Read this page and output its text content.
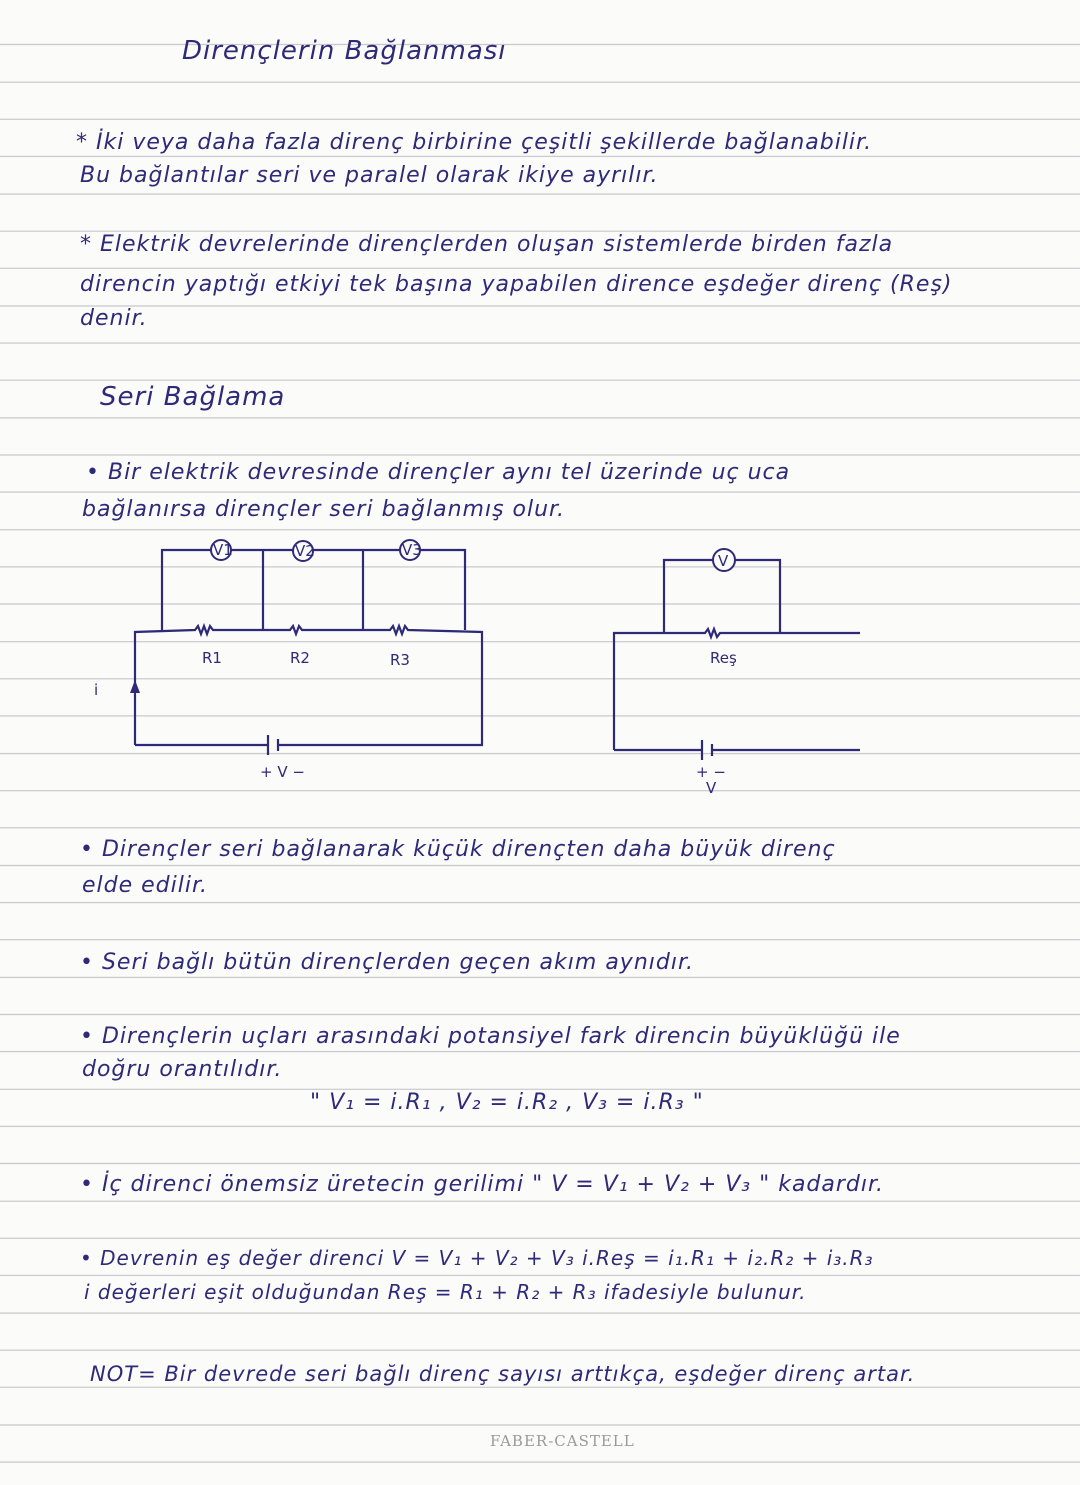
Dirençlerin Bağlanması
* İki veya daha fazla direnç birbirine çeşitli şekillerde bağlanabilir.
Bu bağlantılar seri ve paralel olarak ikiye ayrılır.
* Elektrik devrelerinde dirençlerden oluşan sistemlerde birden fazla
direncin yaptığı etkiyi tek başına yapabilen dirence eşdeğer direnç (Reş)
denir.
Seri Bağlama
• Bir elektrik devresinde dirençler aynı tel üzerinde uç uca
bağlanırsa dirençler seri bağlanmış olur.
V1	V2	V3
R1	R2	R3
i
+ V −
V
Reş
+ −
V
• Dirençler seri bağlanarak küçük dirençten daha büyük direnç
elde edilir.
• Seri bağlı bütün dirençlerden geçen akım aynıdır.
• Dirençlerin uçları arasındaki potansiyel fark direncin büyüklüğü ile
doğru orantılıdır.
" V₁ = i.R₁ , V₂ = i.R₂ , V₃ = i.R₃ "
• İç direnci önemsiz üretecin gerilimi " V = V₁ + V₂ + V₃ " kadardır.
• Devrenin eş değer direnci V = V₁ + V₂ + V₃ i.Reş = i₁.R₁ + i₂.R₂ + i₃.R₃
i değerleri eşit olduğundan Reş = R₁ + R₂ + R₃ ifadesiyle bulunur.
NOT= Bir devrede seri bağlı direnç sayısı arttıkça, eşdeğer direnç artar.
FABER-CASTELL
